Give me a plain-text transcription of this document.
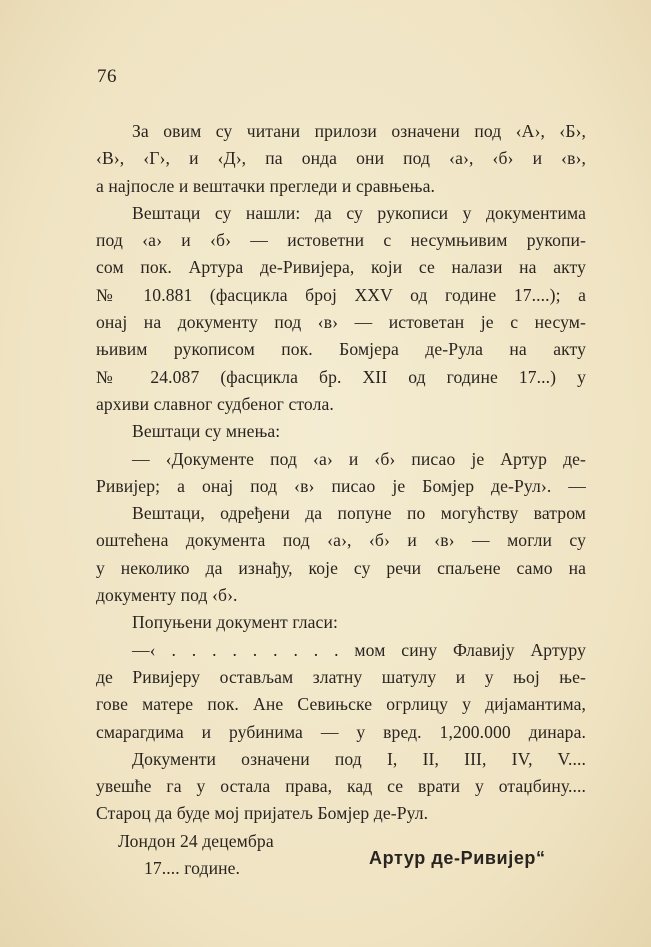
76
За овим су читани прилози означени под ‹А›, ‹Б›,
‹В›, ‹Г›, и ‹Д›, па онда они под ‹а›, ‹б› и ‹в›,
а најпосле и вештачки прегледи и сравњења.
Вештаци су нашли: да су рукописи у документима
под ‹а› и ‹б› — истоветни с несумњивим рукопи-
сом пок. Артура де-Ривијера, који се налази на акту
№ 10.881 (фасцикла број XXV од године 17....); а
онај на документу под ‹в› — истоветан је с несум-
њивим рукописом пок. Бомјера де-Рула на акту
№ 24.087 (фасцикла бр. XII од године 17...) у
архиви славног судбеног стола.
Вештаци су мнења:
— ‹Документе под ‹а› и ‹б› писао је Артур де-
Ривијер; а онај под ‹в› писао је Бомјер де-Рул›. —
Вештаци, одређени да попуне по могућству ватром
оштећена документа под ‹а›, ‹б› и ‹в› — могли су
у неколико да изнађу, које су речи спаљене само на
документу под ‹б›.
Попуњени документ гласи:
—‹ . . . . . . . . . мом сину Флавију Артуру
де Ривијеру остављам златну шатулу и у њој ње-
гове матере пок. Ане Севињске огрлицу у дијамантима,
смарагдима и рубинима — у вред. 1,200.000 динара.
Документи означени под I, II, III, IV, V....
увешће га у остала права, кад се врати у отаџбину....
Староц да буде мој пријатељ Бомјер де-Рул.
Лондон 24 децембра
17.... године.
Артур де-Ривијер“
